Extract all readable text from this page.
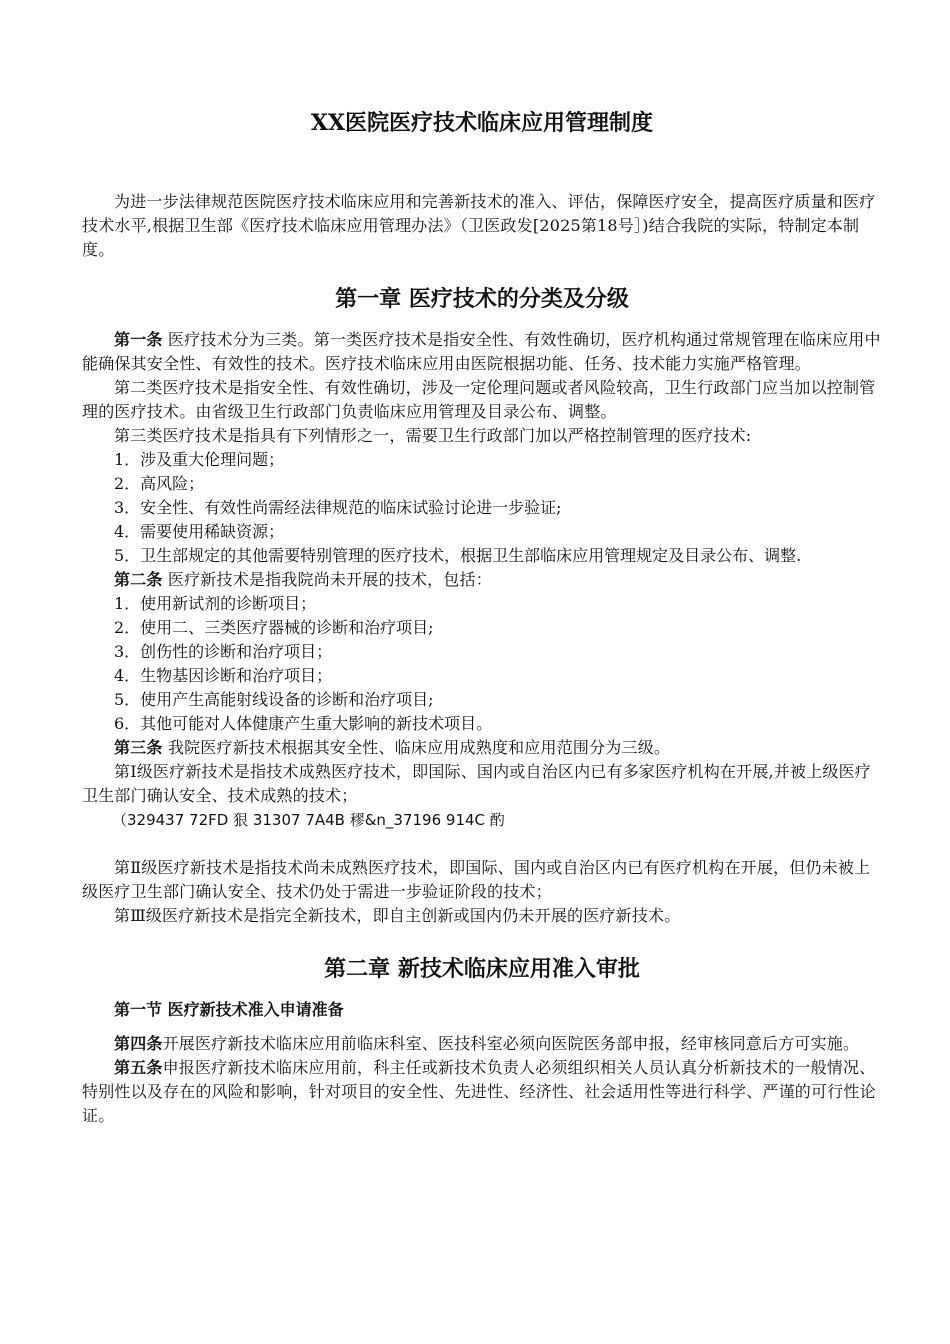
XX医院医疗技术临床应用管理制度

为进一步法律规范医院医疗技术临床应用和完善新技术的准入、评估，保障医疗安全，提高医疗质量和医疗技术水平,根据卫生部《医疗技术临床应用管理办法》（卫医政发[2025第18号］)结合我院的实际，特制定本制度。

第一章 医疗技术的分类及分级

第一条 医疗技术分为三类。第一类医疗技术是指安全性、有效性确切，医疗机构通过常规管理在临床应用中能确保其安全性、有效性的技术。医疗技术临床应用由医院根据功能、任务、技术能力实施严格管理。

第二类医疗技术是指安全性、有效性确切，涉及一定伦理问题或者风险较高，卫生行政部门应当加以控制管理的医疗技术。由省级卫生行政部门负责临床应用管理及目录公布、调整。

第三类医疗技术是指具有下列情形之一，需要卫生行政部门加以严格控制管理的医疗技术:

1．涉及重大伦理问题；

2．高风险；

3．安全性、有效性尚需经法律规范的临床试验讨论进一步验证;

4．需要使用稀缺资源；

5．卫生部规定的其他需要特别管理的医疗技术，根据卫生部临床应用管理规定及目录公布、调整.

第二条 医疗新技术是指我院尚未开展的技术，包括：

1．使用新试剂的诊断项目；

2．使用二、三类医疗器械的诊断和治疗项目;

3．创伤性的诊断和治疗项目；

4．生物基因诊断和治疗项目；

5．使用产生高能射线设备的诊断和治疗项目;

6．其他可能对人体健康产生重大影响的新技术项目。

第三条 我院医疗新技术根据其安全性、临床应用成熟度和应用范围分为三级。

第Ⅰ级医疗新技术是指技术成熟医疗技术，即国际、国内或自治区内已有多家医疗机构在开展,并被上级医疗卫生部门确认安全、技术成熟的技术；

（329437 72FD 狠 31307 7A4B 穋&n_37196 914C 酌

第Ⅱ级医疗新技术是指技术尚未成熟医疗技术，即国际、国内或自治区内已有医疗机构在开展，但仍未被上级医疗卫生部门确认安全、技术仍处于需进一步验证阶段的技术；

第Ⅲ级医疗新技术是指完全新技术，即自主创新或国内仍未开展的医疗新技术。

第二章 新技术临床应用准入审批
第一节 医疗新技术准入申请准备

第四条开展医疗新技术临床应用前临床科室、医技科室必须向医院医务部申报，经审核同意后方可实施。

第五条申报医疗新技术临床应用前，科主任或新技术负责人必须组织相关人员认真分析新技术的一般情况、特别性以及存在的风险和影响，针对项目的安全性、先进性、经济性、社会适用性等进行科学、严谨的可行性论证。
